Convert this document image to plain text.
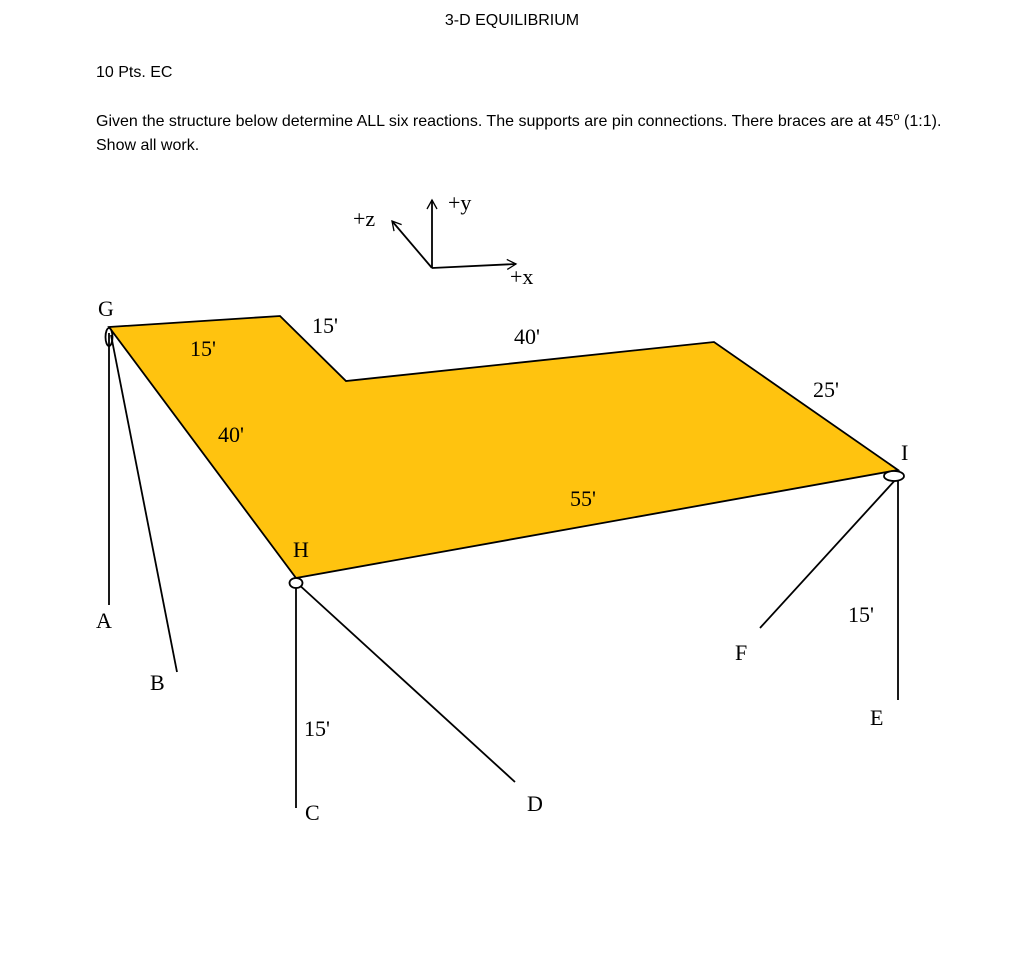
3-D EQUILIBRIUM
10 Pts. EC
Given the structure below determine ALL six reactions. The supports are pin connections. There braces are at 45$^o$ (1:1). Show all work.
+y
+z
+x
15'
15'	40'
25'
40'
55'
15'
15'
G
H
I
A
B
C	D
E
F
